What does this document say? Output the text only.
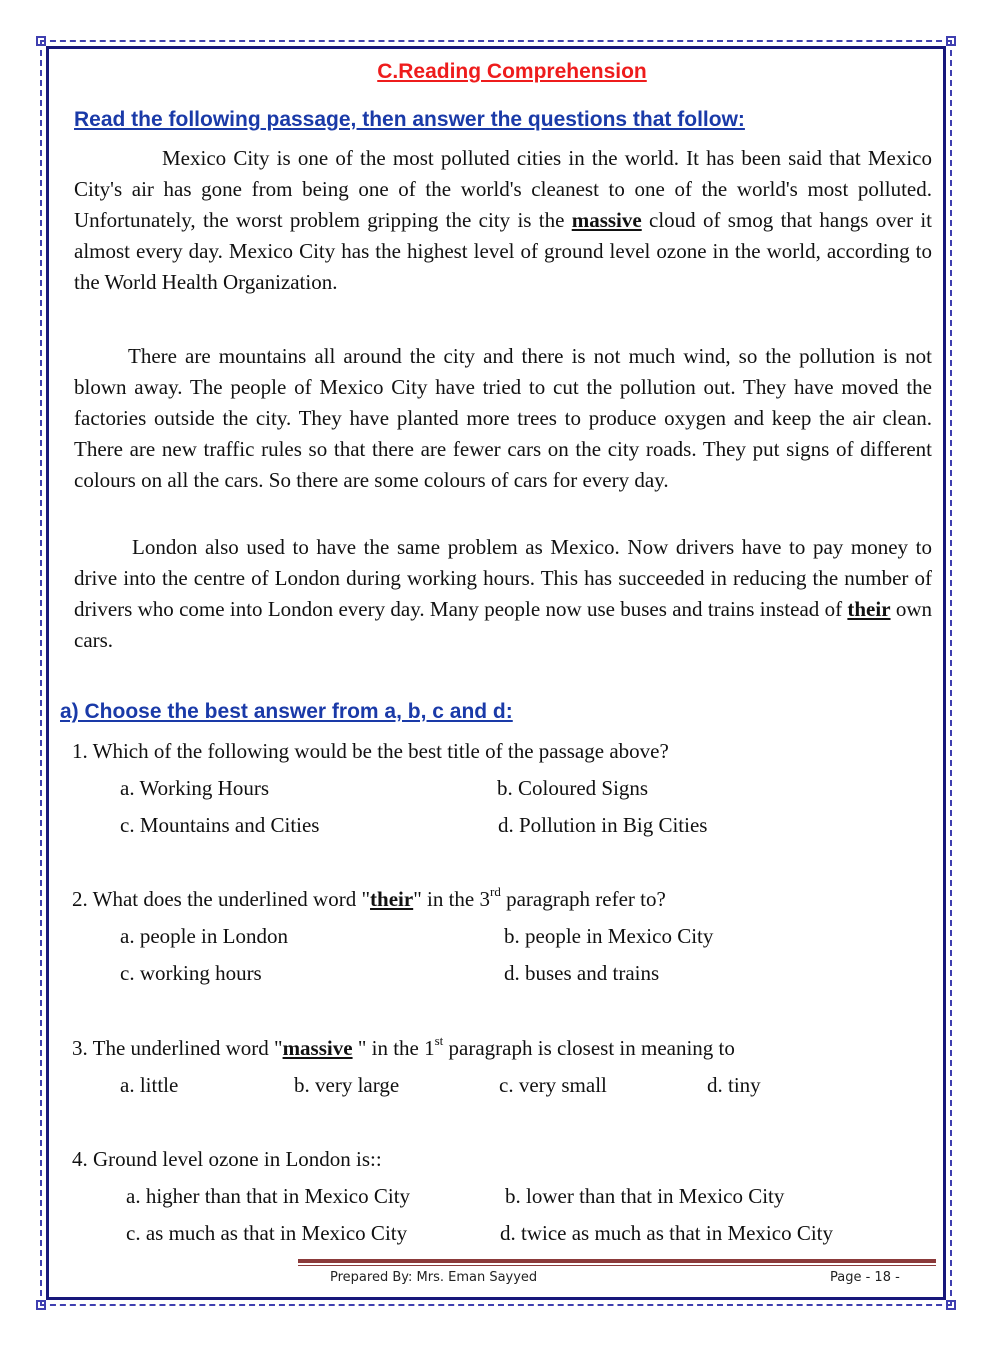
C.Reading Comprehension
Read the following passage, then answer the questions that follow:

Mexico City is one of the most polluted cities in the world. It has been said that Mexico City's air has gone from being one of the world's cleanest to one of the world's most polluted. Unfortunately, the worst problem gripping the city is the massive cloud of smog that hangs over it almost every day. Mexico City has the highest level of ground level ozone in the world, according to the World Health Organization.

There are mountains all around the city and there is not much wind, so the pollution is not blown away. The people of Mexico City have tried to cut the pollution out. They have moved the factories outside the city. They have planted more trees to produce oxygen and keep the air clean. There are new traffic rules so that there are fewer cars on the city roads. They put signs of different colours on all the cars. So there are some colours of cars for every day.

London also used to have the same problem as Mexico. Now drivers have to pay money to drive into the centre of London during working hours. This has succeeded in reducing the number of drivers who come into London every day. Many people now use buses and trains instead of their own cars.

a) Choose the best answer from a, b, c and d:
1. Which of the following would be the best title of the passage above?
a. Working Hours	b. Coloured Signs
c. Mountains and Cities	d. Pollution in Big Cities
2. What does the underlined word "their" in the 3rd paragraph refer to?
a. people in London	b. people in Mexico City
c. working hours	d. buses and trains
3. The underlined word "massive " in the 1st paragraph is closest in meaning to
a. little	b. very large	c. very small	d. tiny
4. Ground level ozone in London is::
a. higher than that in Mexico City	b. lower than that in Mexico City
c. as much as that in Mexico City	d. twice as much as that in Mexico City
Prepared By: Mrs. Eman Sayyed	Page - 18 -
